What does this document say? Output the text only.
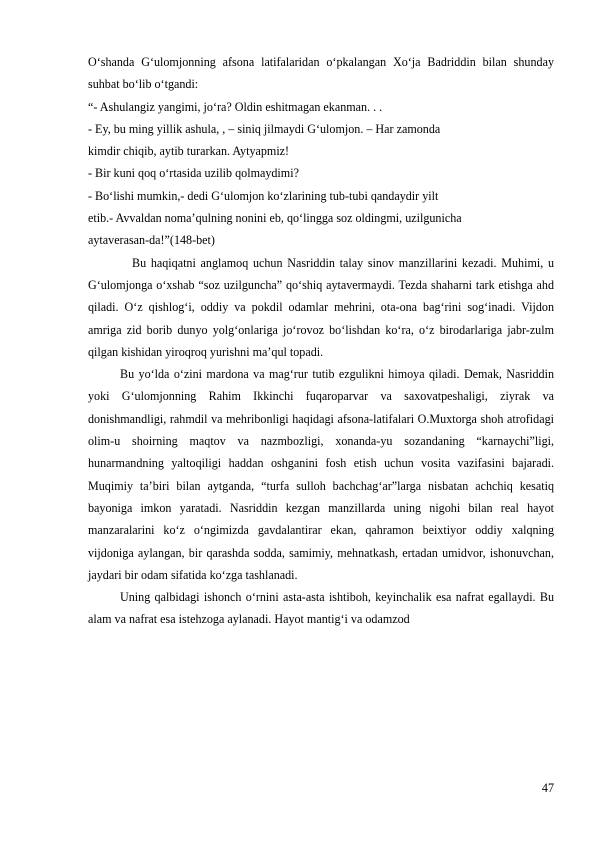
O‘shanda G‘ulomjonning afsona latifalaridan o‘pkalangan Xo‘ja Badriddin bilan shunday suhbat bo‘lib o‘tgandi:

“- Ashulangiz yangimi, jo‘ra? Oldin eshitmagan ekanman. . .

- Ey, bu ming yillik ashula, , – siniq jilmaydi G‘ulomjon. – Har zamonda

kimdir chiqib, aytib turarkan. Aytyapmiz!

- Bir kuni qoq o‘rtasida uzilib qolmaydimi?

- Bo‘lishi mumkin,- dedi G‘ulomjon ko‘zlarining tub-tubi qandaydir yilt

etib.- Avvaldan noma’qulning nonini eb, qo‘lingga soz oldingmi, uzilgunicha

aytaverasan-da!”(148-bet)

Bu haqiqatni anglamoq uchun Nasriddin talay sinov manzillarini kezadi. Muhimi, u G‘ulomjonga o‘xshab “soz uzilguncha” qo‘shiq aytavermaydi. Tezda shaharni tark etishga ahd qiladi. O‘z qishlog‘i, oddiy va pokdil odamlar mehrini, ota-ona bag‘rini sog‘inadi. Vijdon amriga zid borib dunyo yolg‘onlariga jo‘rovoz bo‘lishdan ko‘ra, o‘z birodarlariga jabr-zulm qilgan kishidan yiroqroq yurishni ma’qul topadi.

Bu yo‘lda o‘zini mardona va mag‘rur tutib ezgulikni himoya qiladi. Demak, Nasriddin yoki G‘ulomjonning Rahim Ikkinchi fuqaroparvar va saxovatpeshaligi, ziyrak va donishmandligi, rahmdil va mehribonligi haqidagi afsona-latifalari O.Muxtorga shoh atrofidagi olim-u shoirning maqtov va nazmbozligi, xonanda-yu sozandaning “karnaychi”ligi, hunarmandning yaltoqiligi haddan oshganini fosh etish uchun vosita vazifasini bajaradi. Muqimiy ta’biri bilan aytganda, “turfa sulloh bachchag‘ar”larga nisbatan achchiq kesatiq bayoniga imkon yaratadi. Nasriddin kezgan manzillarda uning nigohi bilan real hayot manzaralarini ko‘z o‘ngimizda gavdalantirar ekan, qahramon beixtiyor oddiy xalqning vijdoniga aylangan, bir qarashda sodda, samimiy, mehnatkash, ertadan umidvor, ishonuvchan, jaydari bir odam sifatida ko‘zga tashlanadi.

Uning qalbidagi ishonch o‘rnini asta-asta ishtiboh, keyinchalik esa nafrat egallaydi. Bu alam va nafrat esa istehzoga aylanadi. Hayot mantig‘i va odamzod

47
